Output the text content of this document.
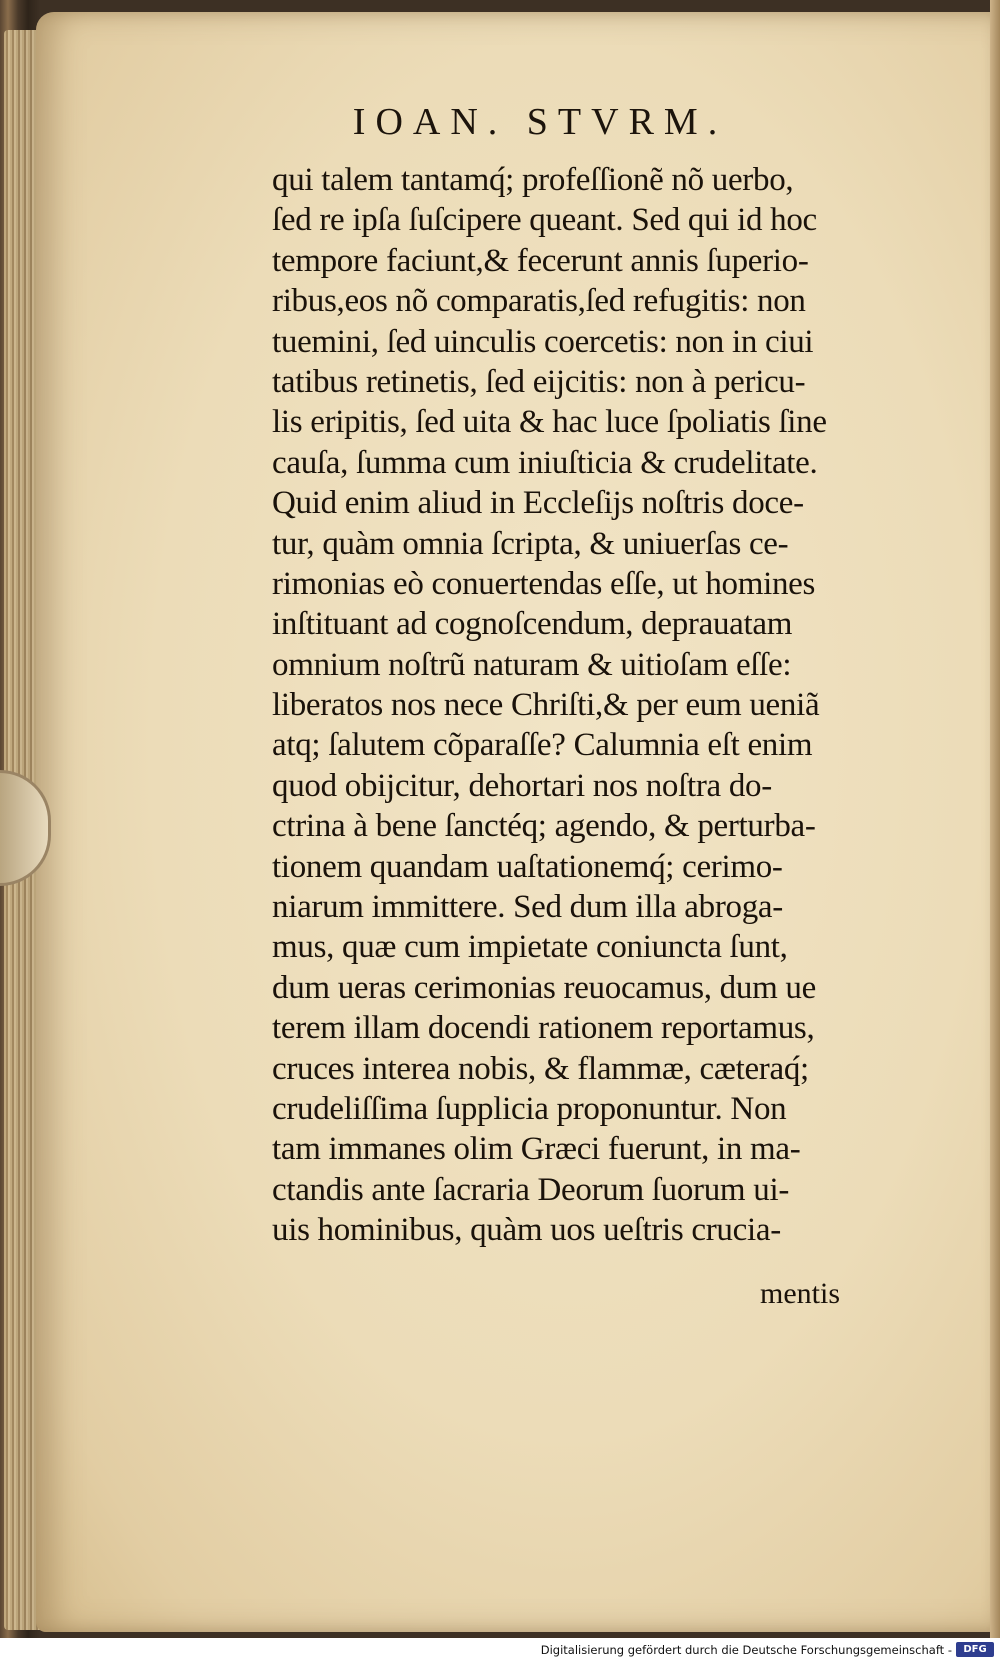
IOAN. STVRM.
qui talem tantamq́; profeſſionẽ nõ uerbo,
ſed re ipſa ſuſcipere queant. Sed qui id hoc
tempore faciunt,& fecerunt annis ſuperio-
ribus,eos nõ comparatis,ſed refugitis: non
tuemini, ſed uinculis coercetis: non in ciui
tatibus retinetis, ſed eijcitis: non à pericu-
lis eripitis, ſed uita & hac luce ſpoliatis ſine
cauſa, ſumma cum iniuſticia & crudelitate.
Quid enim aliud in Eccleſijs noſtris doce-
tur, quàm omnia ſcripta, & uniuerſas ce-
rimonias eò conuertendas eſſe, ut homines
inſtituant ad cognoſcendum, deprauatam
omnium noſtrũ naturam & uitioſam eſſe:
liberatos nos nece Chriſti,& per eum ueniã
atq; ſalutem cõparaſſe? Calumnia eſt enim
quod obijcitur, dehortari nos noſtra do-
ctrina à bene ſanctéq; agendo, & perturba-
tionem quandam uaſtationemq́; cerimo-
niarum immittere. Sed dum illa abroga-
mus, quæ cum impietate coniuncta ſunt,
dum ueras cerimonias reuocamus, dum ue
terem illam docendi rationem reportamus,
cruces interea nobis, & flammæ, cæteraq́;
crudeliſſima ſupplicia proponuntur. Non
tam immanes olim Græci fuerunt, in ma-
ctandis ante ſacraria Deorum ſuorum ui-
uis hominibus, quàm uos ueſtris crucia-
mentis
Digitalisierung gefördert durch die Deutsche Forschungsgemeinschaft -	DFG
